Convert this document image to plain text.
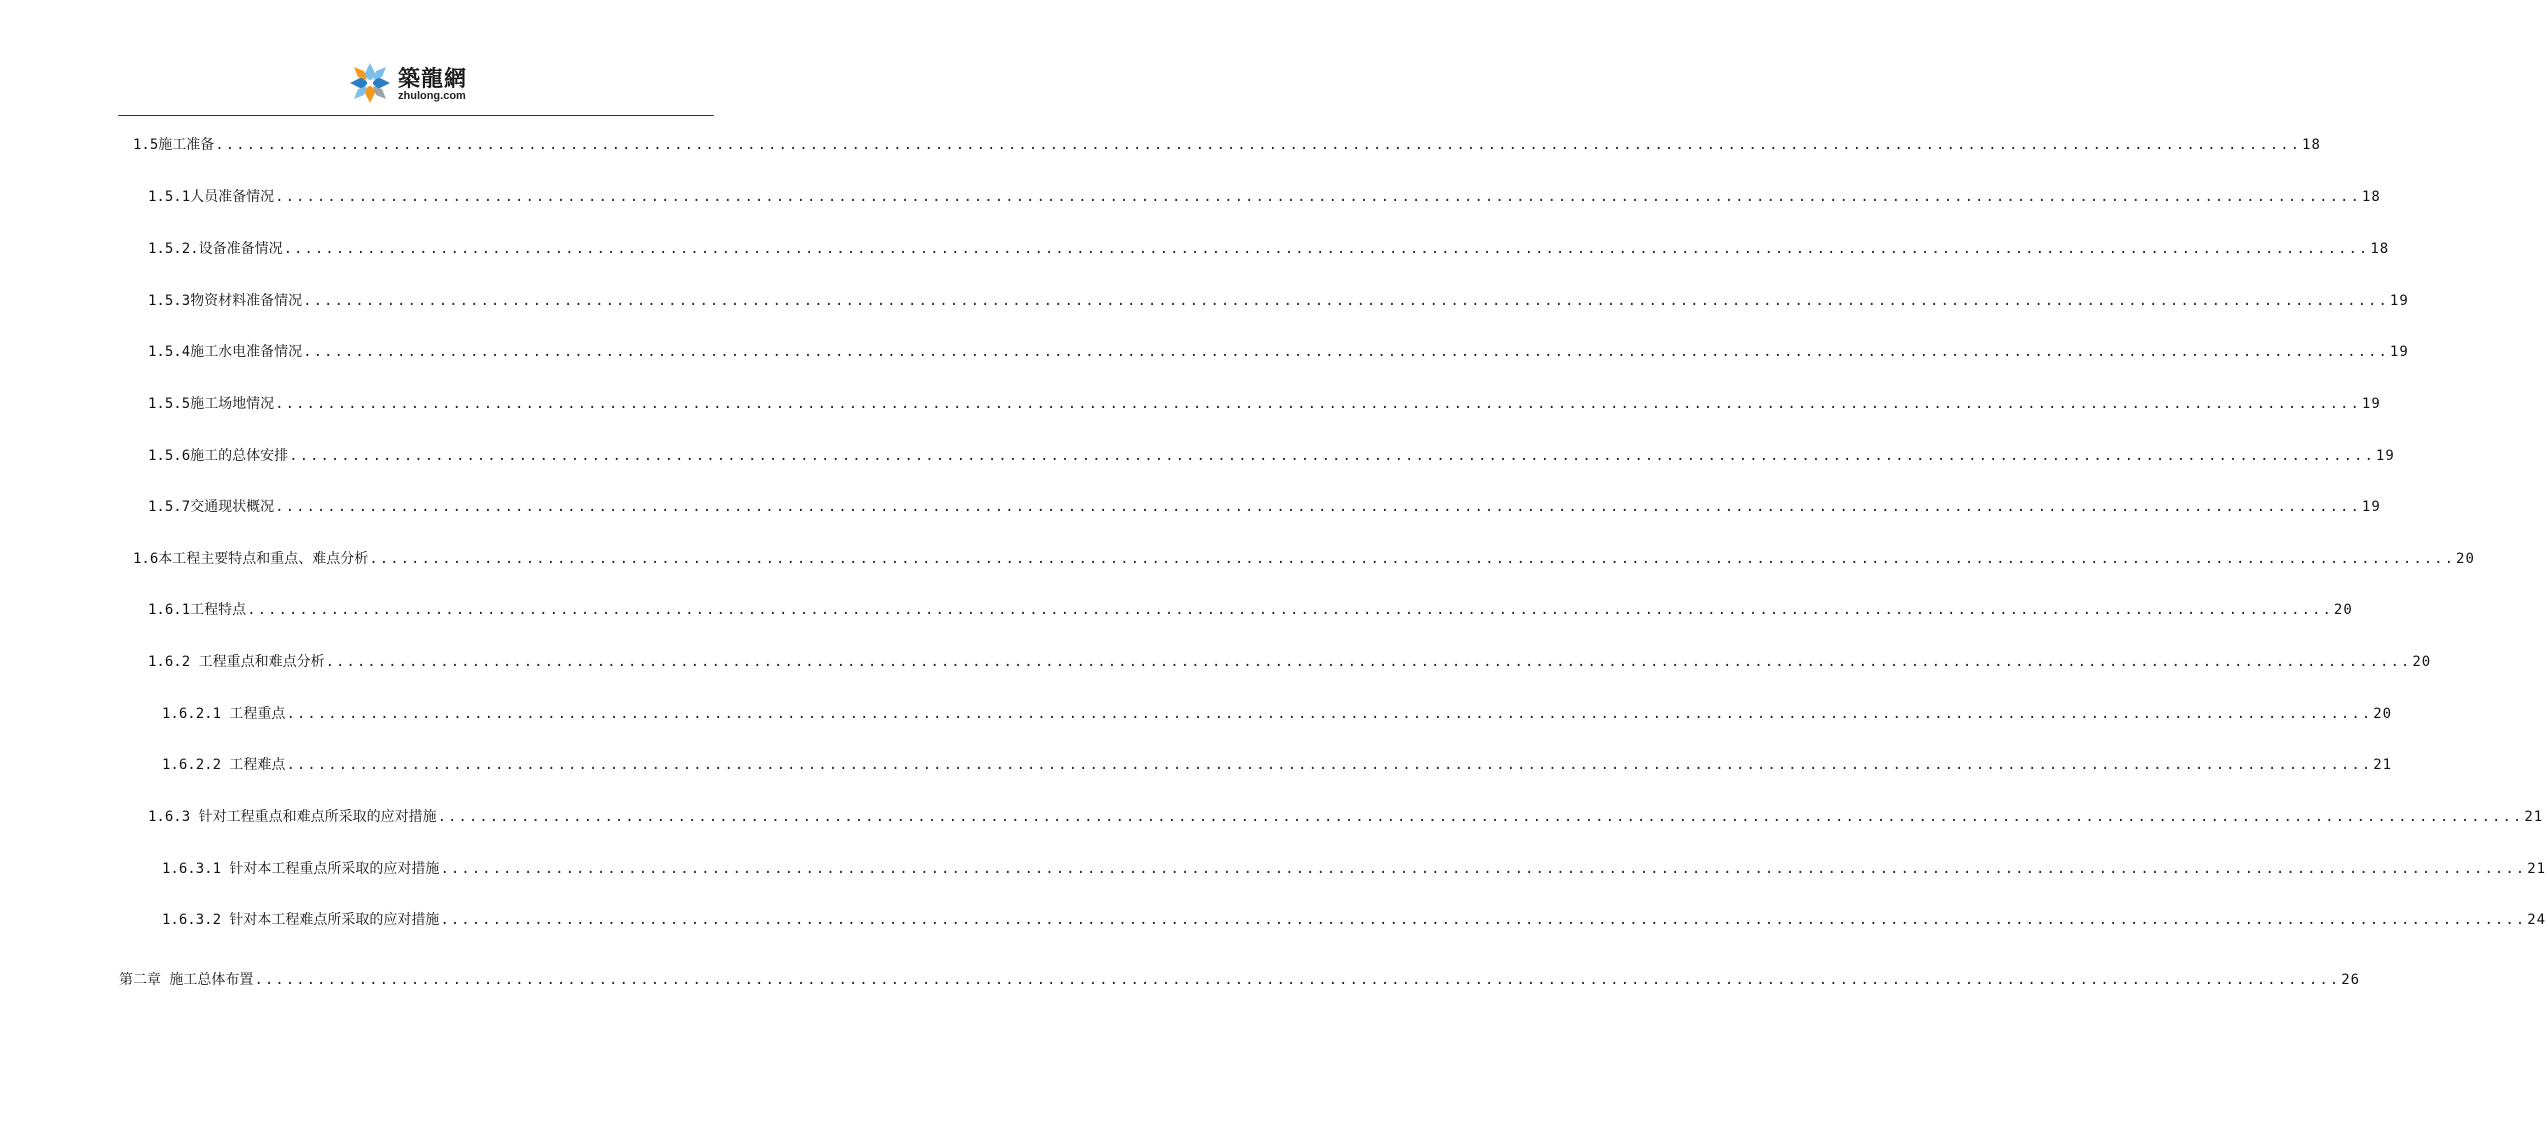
築龍網
zhulong.com
1.5施工准备 ........................................................................................................................................................................................................ 18
1.5.1人员准备情况 ........................................................................................................................................................................................................ 18
1.5.2.设备准备情况 ........................................................................................................................................................................................................ 18
1.5.3物资材料准备情况 ........................................................................................................................................................................................................ 19
1.5.4施工水电准备情况 ........................................................................................................................................................................................................ 19
1.5.5施工场地情况 ........................................................................................................................................................................................................ 19
1.5.6施工的总体安排 ........................................................................................................................................................................................................ 19
1.5.7交通现状概况 ........................................................................................................................................................................................................ 19
1.6本工程主要特点和重点、难点分析 ........................................................................................................................................................................................................ 20
1.6.1工程特点 ........................................................................................................................................................................................................ 20
1.6.2 工程重点和难点分析 ........................................................................................................................................................................................................ 20
1.6.2.1 工程重点 ........................................................................................................................................................................................................ 20
1.6.2.2 工程难点 ........................................................................................................................................................................................................ 21
1.6.3 针对工程重点和难点所采取的应对措施 ........................................................................................................................................................................................................ 21
1.6.3.1 针对本工程重点所采取的应对措施 ........................................................................................................................................................................................................ 21
1.6.3.2 针对本工程难点所采取的应对措施 ........................................................................................................................................................................................................ 24
第二章 施工总体布置 ........................................................................................................................................................................................................ 26
